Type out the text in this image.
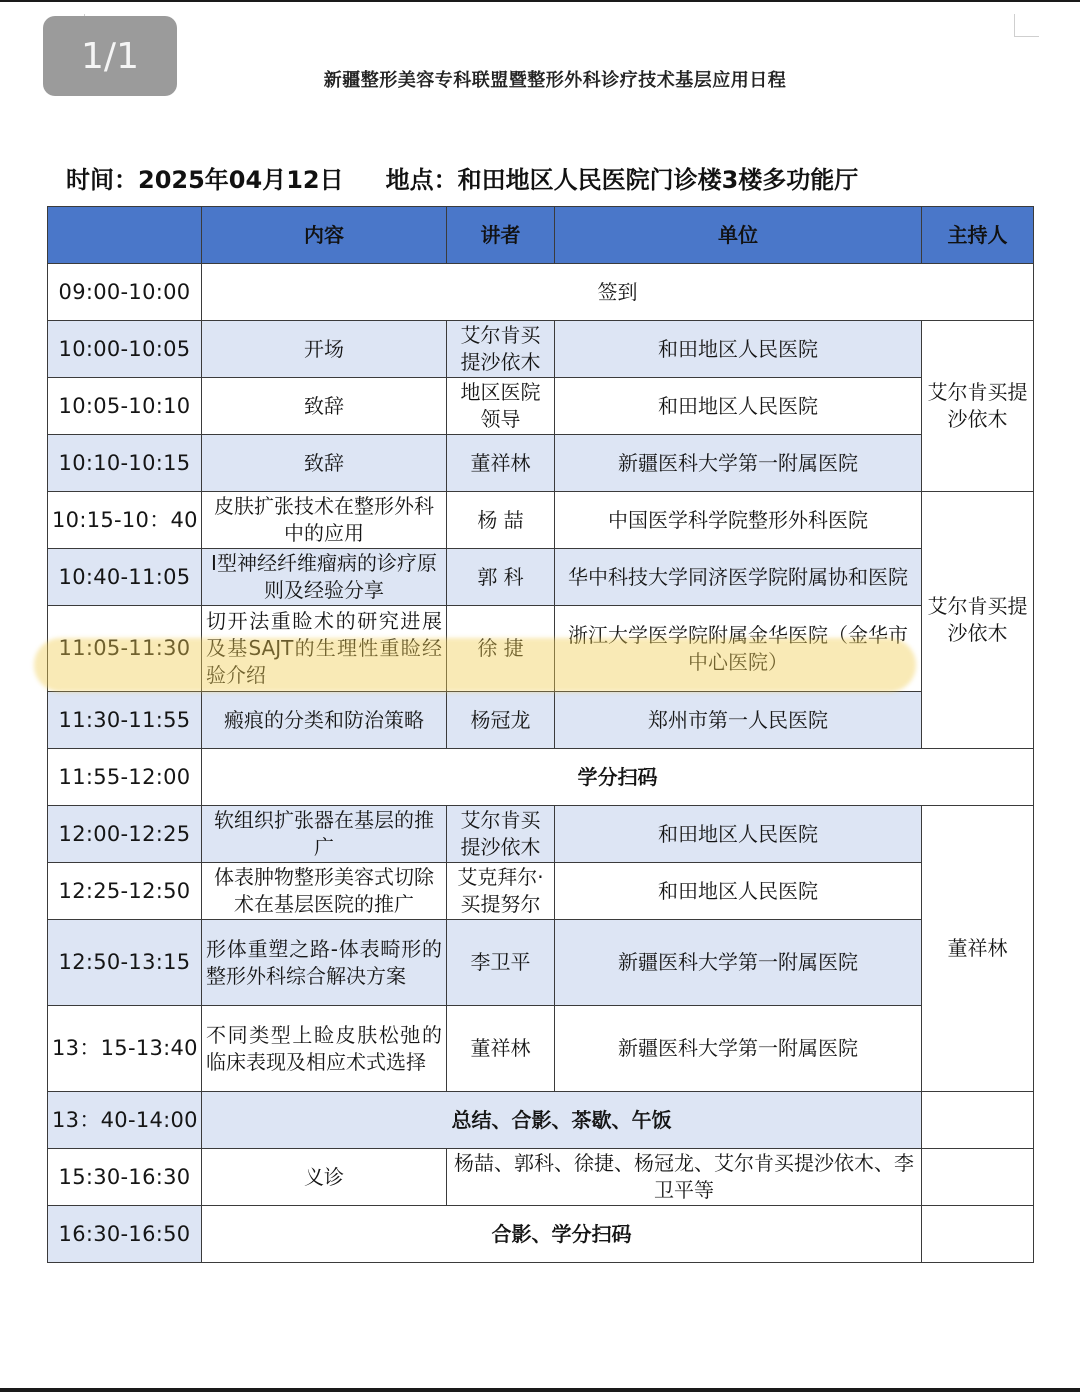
1/1
新疆整形美容专科联盟暨整形外科诊疗技术基层应用日程
时间：2025年04月12日 地点：和田地区人民医院门诊楼3楼多功能厅
	内容	讲者	单位	主持人
09:00-10:00	签到			
10:00-10:05	开场	艾尔肯买提沙依木	和田地区人民医院	艾尔肯买提沙依木
10:05-10:10	致辞	地区医院领导	和田地区人民医院	
10:10-10:15	致辞	董祥林	新疆医科大学第一附属医院	
10:15-10：40	皮肤扩张技术在整形外科中的应用	杨 喆	中国医学科学院整形外科医院	艾尔肯买提沙依木
10:40-11:05	I型神经纤维瘤病的诊疗原则及经验分享	郭 科	华中科技大学同济医学院附属协和医院	
11:05-11:30	切开法重睑术的研究进展及基SAJT的生理性重睑经验介绍	徐 捷	浙江大学医学院附属金华医院（金华市中心医院）	
11:30-11:55	瘢痕的分类和防治策略	杨冠龙	郑州市第一人民医院	
11:55-12:00	学分扫码			
12:00-12:25	软组织扩张器在基层的推广	艾尔肯买提沙依木	和田地区人民医院	董祥林
12:25-12:50	体表肿物整形美容式切除术在基层医院的推广	艾克拜尔·买提努尔	和田地区人民医院	
12:50-13:15	形体重塑之路-体表畸形的整形外科综合解决方案	李卫平	新疆医科大学第一附属医院	
13：15-13:40	不同类型上睑皮肤松弛的临床表现及相应术式选择	董祥林	新疆医科大学第一附属医院	
13：40-14:00	总结、合影、茶歇、午饭			
15:30-16:30	义诊	杨喆、郭科、徐捷、杨冠龙、艾尔肯买提沙依木、李卫平等		
16:30-16:50	合影、学分扫码			
